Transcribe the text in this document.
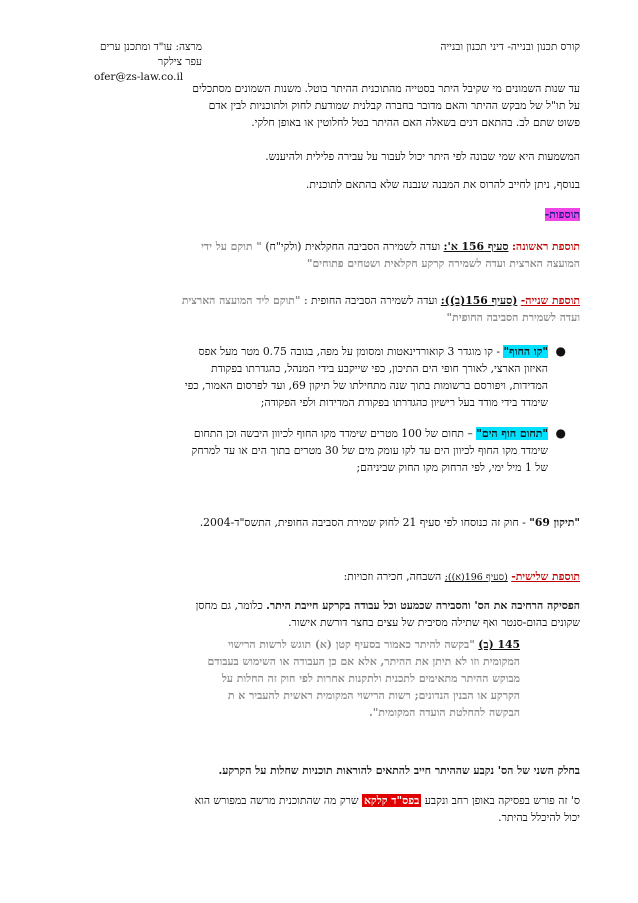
קורס תכנון ובנייה- דיני תכנון ובנייה
מרצה: עו"ד ומתכנן ערים
עפר צילקר
ofer@zs-law.co.il

עד שנות השמונים מי שקיבל היתר בסטייה מהתוכנית ההיתר בוטל. משנות השמונים מסתכלים

על תו"ל של מבקש ההיתר והאם מדובר בחברה קבלנית שמודעת לחוק ולתוכניות לבין אדם

פשוט שתם לב. בהתאם דנים בשאלה האם ההיתר בטל לחלוטין או באופן חלקי.

המשמעות היא שמי שבונה לפי היתר יכול לעבור על עבירה פלילית ולהיענש.

בנוסף, ניתן לחייב להרוס את המבנה שנבנה שלא בהתאם לתוכנית.

תוספות-

תוספת ראשונה: סעיף 156 א': ועדה לשמירה הסביבה החקלאית (ולקי"ח) " תוקם על ידי

המועצה הארצית ועדה לשמירה קרקע חקלאית ושטחים פתוחים"

תוספת שנייה- (סעיף 156(ב)): ועדה לשמירה הסביבה החופית : "תוקם ליד המועצה הארצית

ועדה לשמירת הסביבה החופית"

●

"קו החוף" - קו מוגדר 3 קואורדינאטות ומסומן על מפה, בגובה 0.75 מטר מעל אפס

האיזון הארצי, לאורך חופי הים התיכון, כפי שייקבע בידי המנהל, כהגדרתו בפקודת

המדידות, ויפורסם ברשומות בתוך שנה מתחילתו של תיקון 69, ועד לפרסום האמור, כפי

שימדד בידי מודד בעל רישיון כהגדרתו בפקודת המדידות ולפי הפקודה;

●

"תחום חוף הים" – תחום של 100 מטרים שימדד מקו החוף לכיוון היבשה וכן התחום

שימדד מקו החוף לכיוון הים עד לקו עומק מים של 30 מטרים בתוך הים או עד למרחק

של 1 מיל ימי, לפי הרחוק מקו החוק שביניהם;

"תיקון 69" - חוק זה כנוסחו לפי סעיף 21 לחוק שמירת הסביבה החופית, התשס"ד-2004.

תוספת שלישית- (סעיף 196(א)); השבחה, חכירה וזכויות:

הפסיקה הרחיבה את הס' והסבירה שכמעט וכל עבודה בקרקע חייבת היתר. כלומר, גם מחסן

שקונים בהום-סנטר ואף שתילה מסיבית של עצים בחצר דורשת אישור.

145 (ב) "בקשה להיתר כאמור בסעיף קטן (א) תוגש לרשות הרישוי

המקומית וזו לא תיתן את ההיתר, אלא אם כן העבודה או השימוש בעבודם

מבוקש ההיתר מתאימים לתכנית ולתקנות אחרות לפי חוק זה החלות על

הקרקע או הבנין הנדונים; רשות הרישוי המקומית ראשית להעביר א ת

הבקשה להחלטת הועדה המקומית".

בחלק השני של הס' נקבע שההיתר חייב להתאים להוראות תוכניות שחלות על הקרקע.

ס' זה פורש בפסיקה באופן רחב ונקבע בפס"ד קלקא שרק מה שהתוכנית מרשה במפורש הוא

יכול להיכלל בהיתר.
